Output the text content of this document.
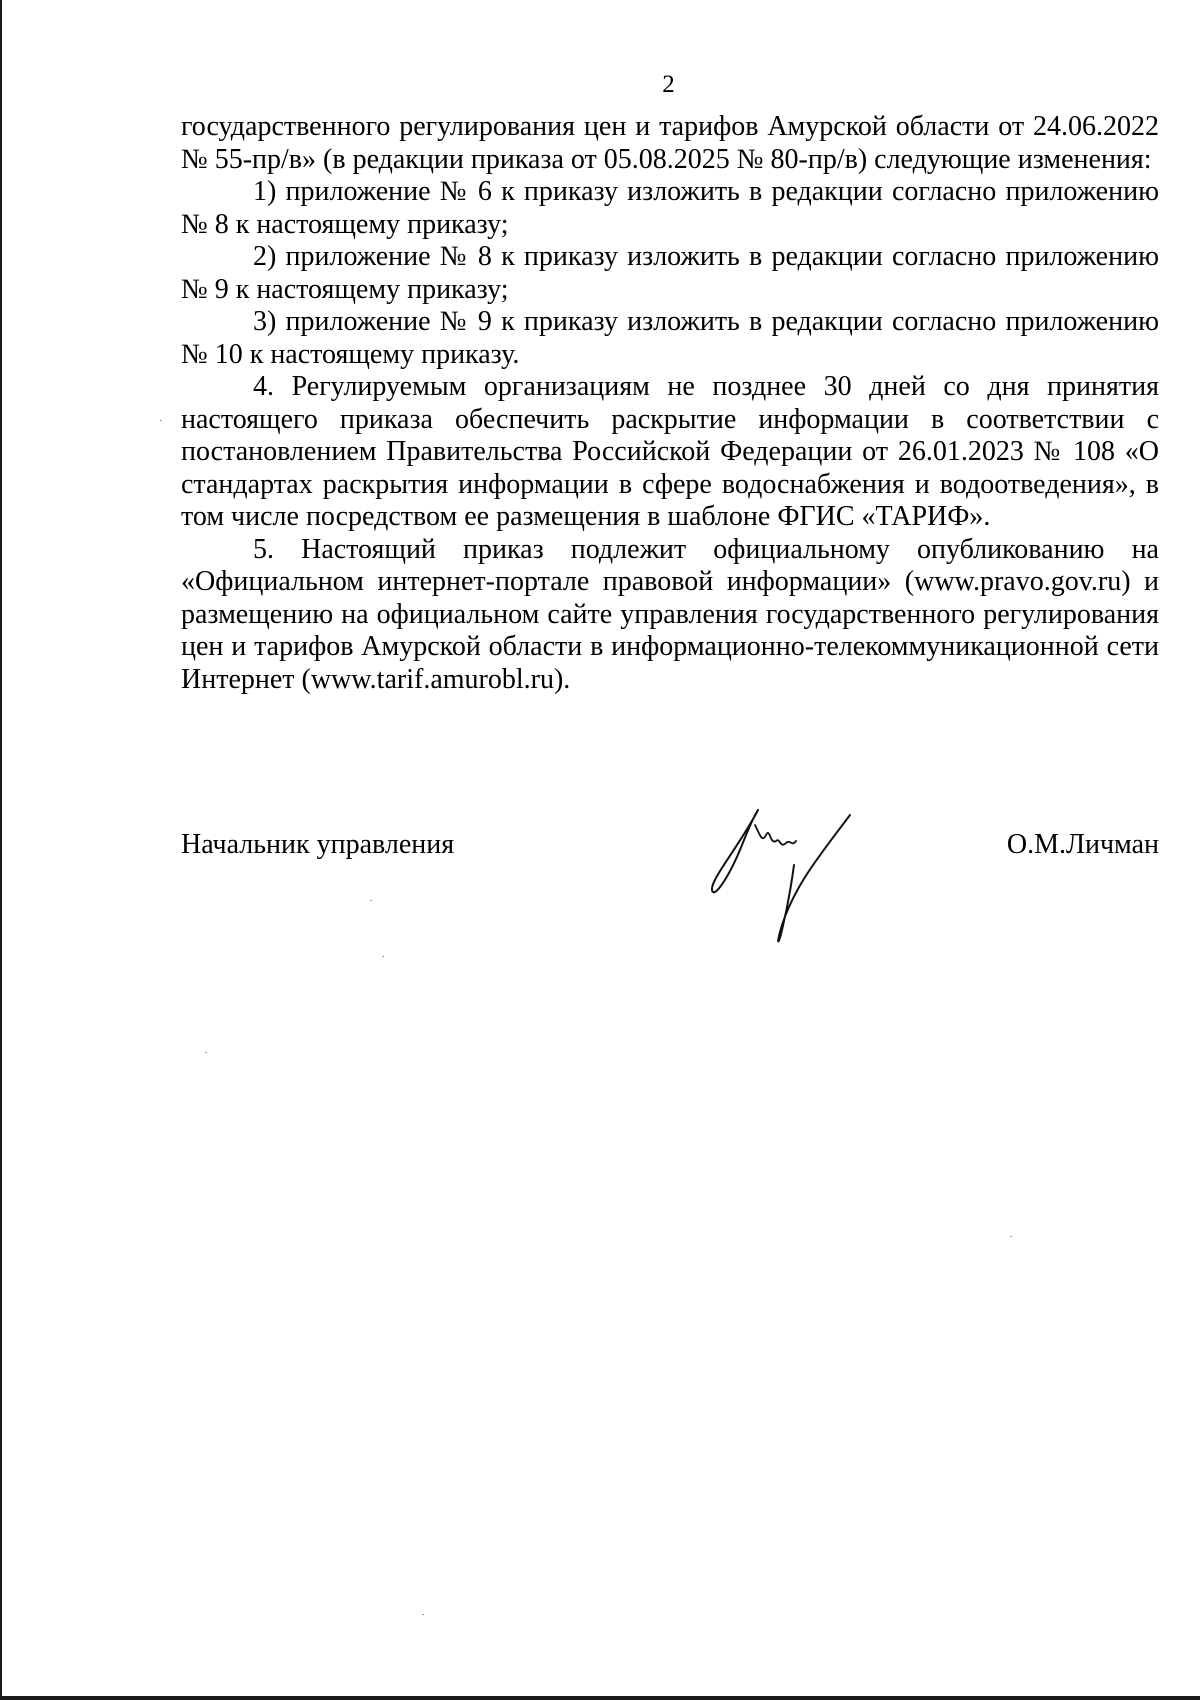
2

государственного регулирования цен и тарифов Амурской области от 24.06.2022 № 55-пр/в» (в редакции приказа от 05.08.2025 № 80-пр/в) следующие изменения:

1) приложение № 6 к приказу изложить в редакции согласно приложению № 8 к настоящему приказу;

2) приложение № 8 к приказу изложить в редакции согласно приложению № 9 к настоящему приказу;

3) приложение № 9 к приказу изложить в редакции согласно приложению № 10 к настоящему приказу.

4. Регулируемым организациям не позднее 30 дней со дня принятия настоящего приказа обеспечить раскрытие информации в соответствии с постановлением Правительства Российской Федерации от 26.01.2023 № 108 «О стандартах раскрытия информации в сфере водоснабжения и водоотведения», в том числе посредством ее размещения в шаблоне ФГИС «ТАРИФ».

5. Настоящий приказ подлежит официальному опубликованию на «Официальном интернет-портале правовой информации» (www.pravo.gov.ru) и размещению на официальном сайте управления государственного регулирования цен и тарифов Амурской области в информационно-телекоммуникационной сети Интернет (www.tarif.amurobl.ru).

Начальник управления	О.М.Личман
